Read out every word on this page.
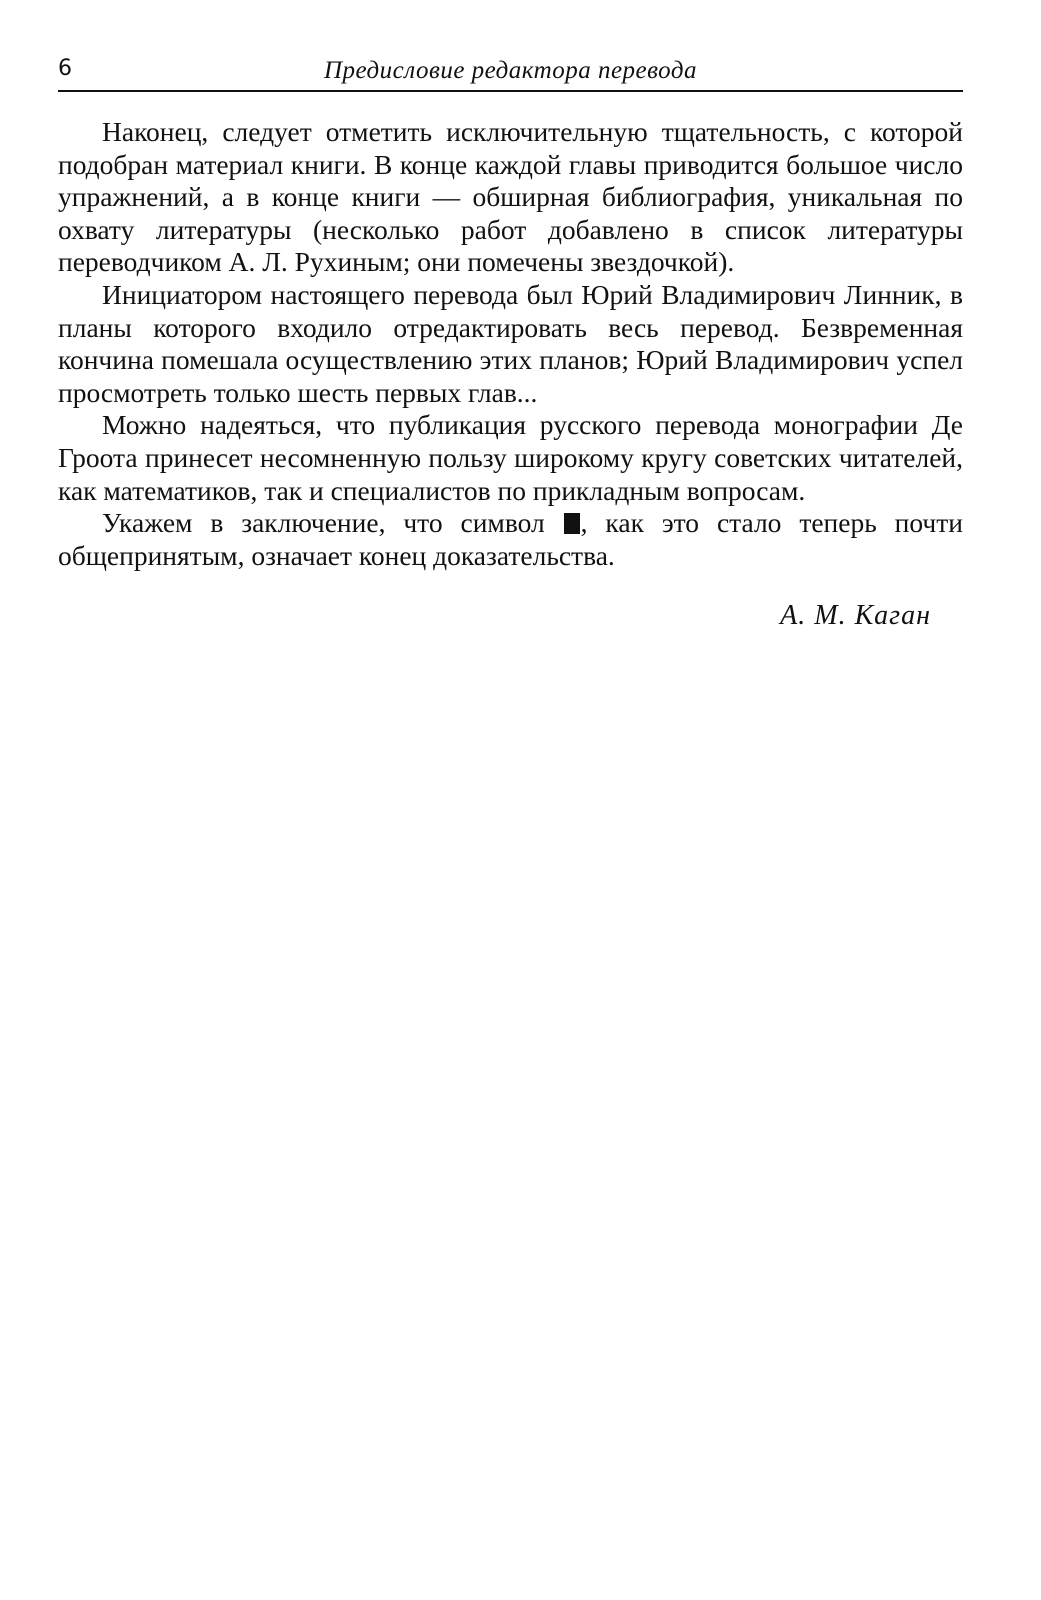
6	Предисловие редактора перевода

Наконец, следует отметить исключительную тщательность, с которой подобран материал книги. В конце каждой главы приводится большое число упражнений, а в конце книги — обширная библиография, уникальная по охвату литературы (несколько работ добавлено в список литературы переводчиком А. Л. Рухиным; они помечены звездочкой).

Инициатором настоящего перевода был Юрий Владимирович Линник, в планы которого входило отредактировать весь перевод. Безвременная кончина помешала осуществлению этих планов; Юрий Владимирович успел просмотреть только шесть первых глав...

Можно надеяться, что публикация русского перевода монографии Де Гроота принесет несомненную пользу широкому кругу советских читателей, как математиков, так и специалистов по прикладным вопросам.

Укажем в заключение, что символ , как это стало теперь почти общепринятым, означает конец доказательства.

А. М. Каган
